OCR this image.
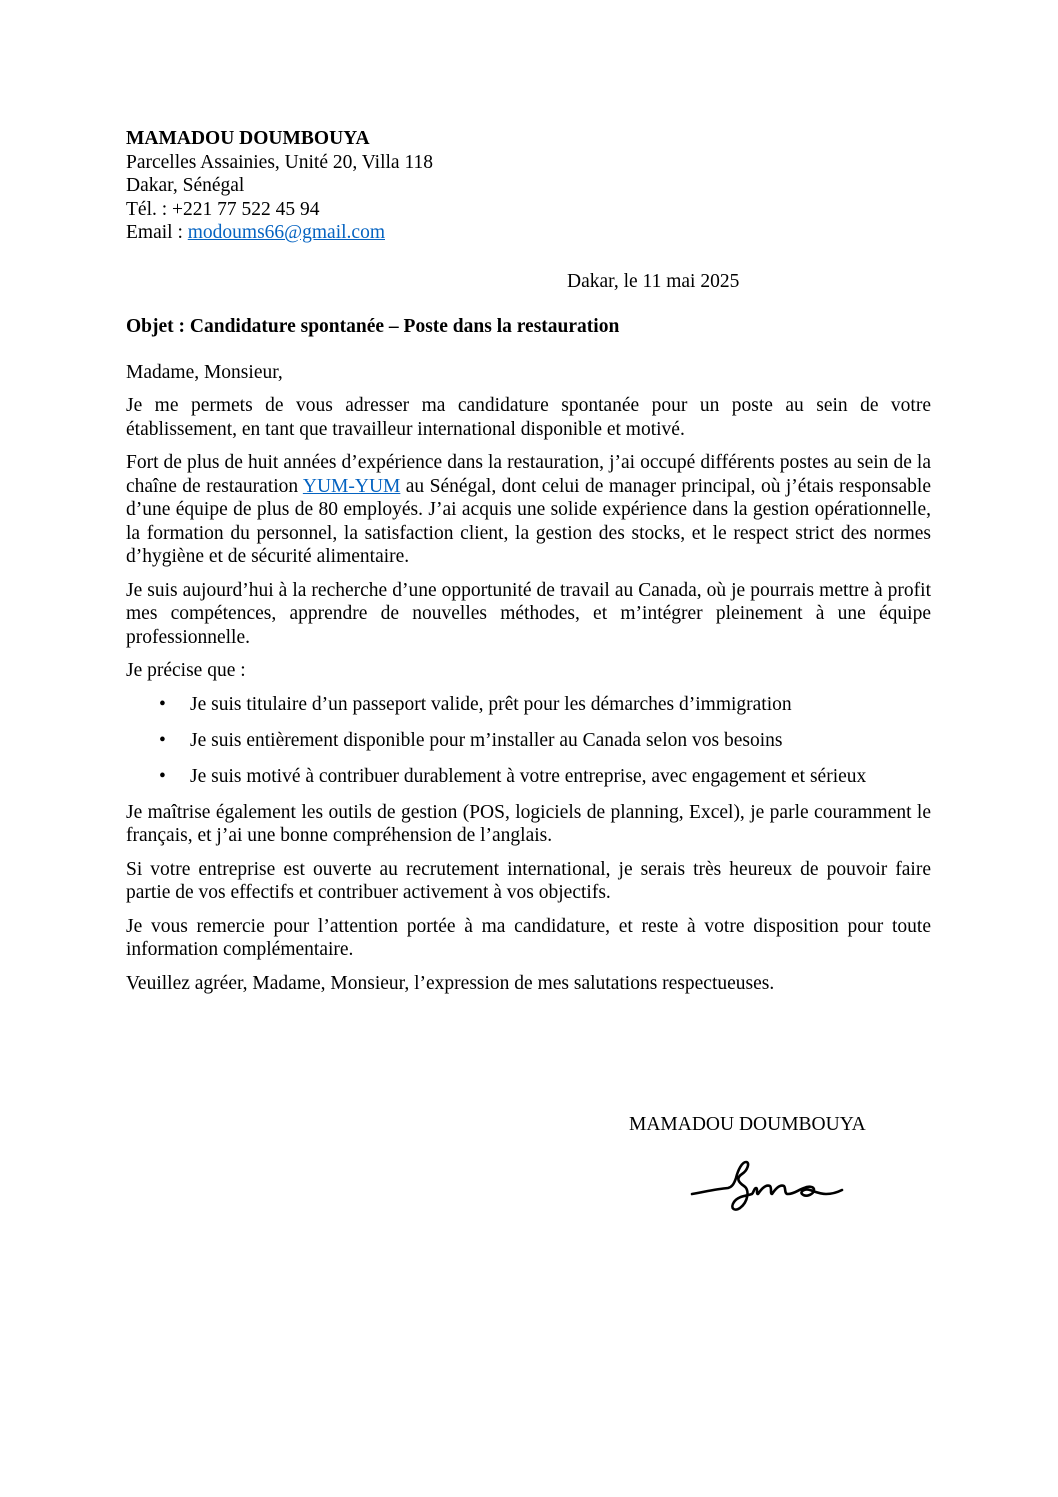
MAMADOU DOUMBOUYA
Parcelles Assainies, Unité 20, Villa 118
Dakar, Sénégal
Tél. : +221 77 522 45 94
Email : modoums66@gmail.com
Dakar, le 11 mai 2025
Objet : Candidature spontanée – Poste dans la restauration
Madame, Monsieur,
Je me permets de vous adresser ma candidature spontanée pour un poste au sein de votre établissement, en tant que travailleur international disponible et motivé.
Fort de plus de huit années d’expérience dans la restauration, j’ai occupé différents postes au sein de la chaîne de restauration YUM-YUM au Sénégal, dont celui de manager principal, où j’étais responsable d’une équipe de plus de 80 employés. J’ai acquis une solide expérience dans la gestion opérationnelle, la formation du personnel, la satisfaction client, la gestion des stocks, et le respect strict des normes d’hygiène et de sécurité alimentaire.
Je suis aujourd’hui à la recherche d’une opportunité de travail au Canada, où je pourrais mettre à profit mes compétences, apprendre de nouvelles méthodes, et m’intégrer pleinement à une équipe professionnelle.
Je précise que :
• Je suis titulaire d’un passeport valide, prêt pour les démarches d’immigration
• Je suis entièrement disponible pour m’installer au Canada selon vos besoins
• Je suis motivé à contribuer durablement à votre entreprise, avec engagement et sérieux
Je maîtrise également les outils de gestion (POS, logiciels de planning, Excel), je parle couramment le français, et j’ai une bonne compréhension de l’anglais.
Si votre entreprise est ouverte au recrutement international, je serais très heureux de pouvoir faire partie de vos effectifs et contribuer activement à vos objectifs.
Je vous remercie pour l’attention portée à ma candidature, et reste à votre disposition pour toute information complémentaire.
Veuillez agréer, Madame, Monsieur, l’expression de mes salutations respectueuses.
MAMADOU DOUMBOUYA
